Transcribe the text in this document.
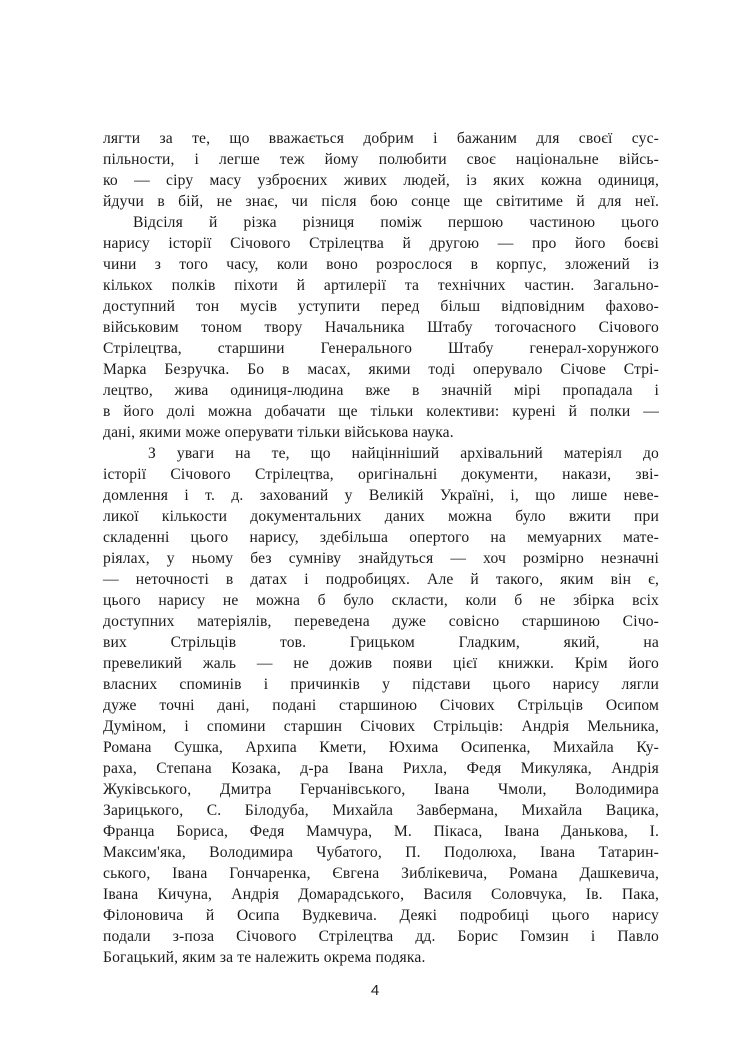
лягти за те, що вважається добрим і бажаним для своєї сус-
пільности, і легше теж йому полюбити своє національне війсь-
ко — сіру масу узброєних живих людей, із яких кожна одиниця,
йдучи в бій, не знає, чи після бою сонце ще світитиме й для неї.
Відсіля й різка різниця поміж першою частиною цього
нарису історії Січового Стрілецтва й другою — про його боєві
чини з того часу, коли воно розрослося в корпус, зложений із
кількох полків піхоти й артилерії та технічних частин. Загально-
доступний тон мусів уступити перед більш відповідним фахово-
військовим тоном твору Начальника Штабу тогочасного Січового
Стрілецтва, старшини Генерального Штабу генерал-хорунжого
Марка Безручка. Бо в масах, якими тоді оперувало Січове Стрі-
лецтво, жива одиниця-людина вже в значній мірі пропадала і
в його долі можна добачати ще тільки колективи: курені й полки —
дані, якими може оперувати тільки військова наука.
З уваги на те, що найцінніший архівальний матеріял до
історії Січового Стрілецтва, оригінальні документи, накази, зві-
домлення і т. д. захований у Великій Україні, і, що лише неве-
ликої кількости документальних даних можна було вжити при
складенні цього нарису, здебільша опертого на мемуарних мате-
ріялах, у ньому без сумніву знайдуться — хоч розмірно незначні
— неточності в датах і подробицях. Але й такого, яким він є,
цього нарису не можна б було скласти, коли б не збірка всіх
доступних матеріялів, переведена дуже совісно старшиною Січо-
вих Стрільців тов. Грицьком Гладким, який, на
превеликий жаль — не дожив появи цієї книжки. Крім його
власних споминів і причинків у підстави цього нарису лягли
дуже точні дані, подані старшиною Січових Стрільців Осипом
Думіном, і спомини старшин Січових Стрільців: Андрія Мельника,
Романа Сушка, Архипа Кмети, Юхима Осипенка, Михайла Ку-
раха, Степана Козака, д-ра Івана Рихла, Федя Микуляка, Андрія
Жуківського, Дмитра Герчанівського, Івана Чмоли, Володимира
Зарицького, С. Білодуба, Михайла Завбермана, Михайла Вацика,
Франца Бориса, Федя Мамчура, М. Пікаса, Івана Данькова, І.
Максим'яка, Володимира Чубатого, П. Подолюха, Івана Татарин-
ського, Івана Гончаренка, Євгена Зиблікевича, Романа Дашкевича,
Івана Кичуна, Андрія Домарадського, Василя Соловчука, Ів. Пака,
Філоновича й Осипа Вудкевича. Деякі подробиці цього нарису
подали з-поза Січового Стрілецтва дд. Борис Гомзин і Павло
Богацький, яким за те належить окрема подяка.
4
